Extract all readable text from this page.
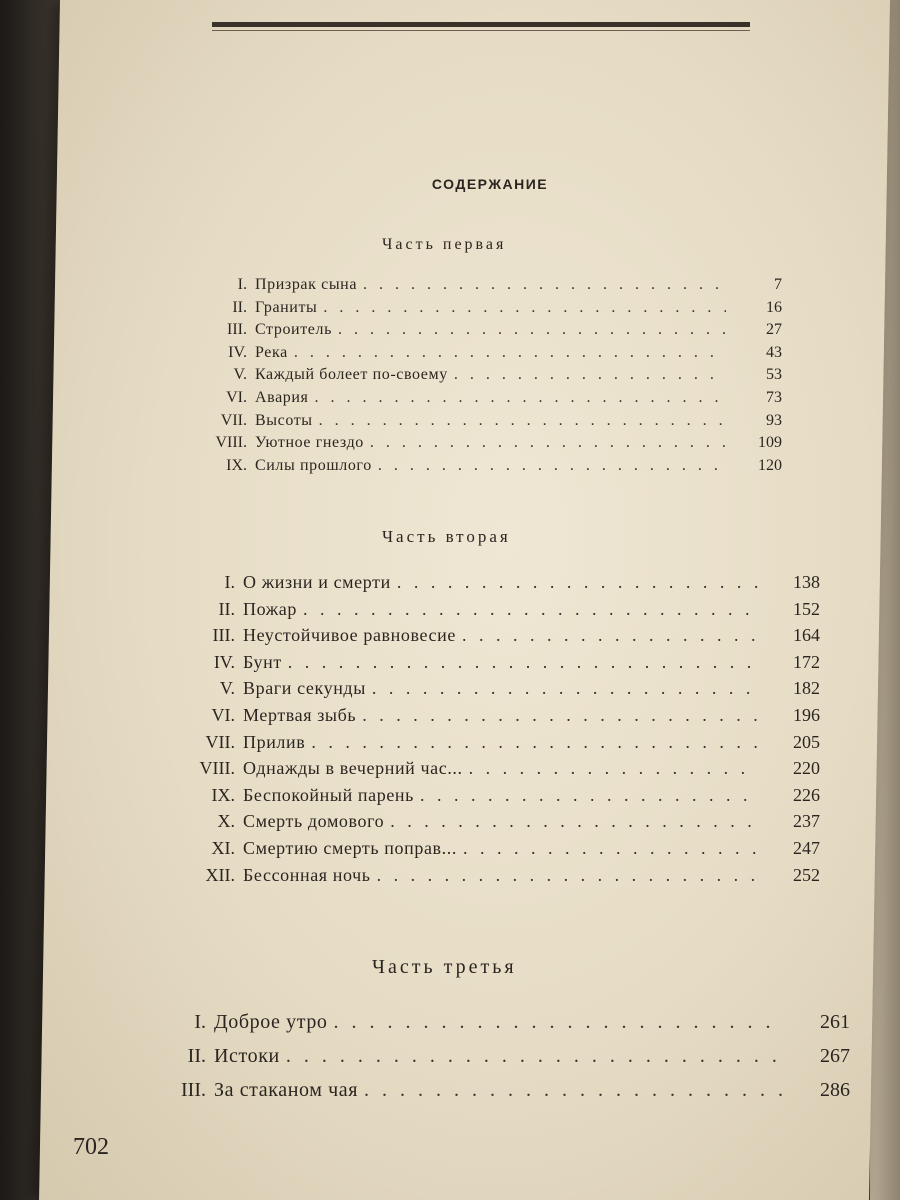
СОДЕРЖАНИЕ
Часть первая
I. Призрак сына . . .	7
II. Граниты . . .	16
III. Строитель . . .	27
IV. Река . . .	43
V. Каждый болеет по-своему . . .	53
VI. Авария . . .	73
VII. Высоты . . .	93
VIII. Уютное гнездо . . .	109
IX. Силы прошлого . . .	120
Часть вторая
I. О жизни и смерти . . .	138
II. Пожар . . .	152
III. Неустойчивое равновесие . . .	164
IV. Бунт . . .	172
V. Враги секунды . . .	182
VI. Мертвая зыбь . . .	196
VII. Прилив . . .	205
VIII. Однажды в вечерний час... . . .	220
IX. Беспокойный парень . . .	226
X. Смерть домового . . .	237
XI. Смертию смерть поправ... . . .	247
XII. Бессонная ночь . . .	252
Часть третья
I. Доброе утро . . .	261
II. Истоки . . .	267
III. За стаканом чая . . .	286
702
